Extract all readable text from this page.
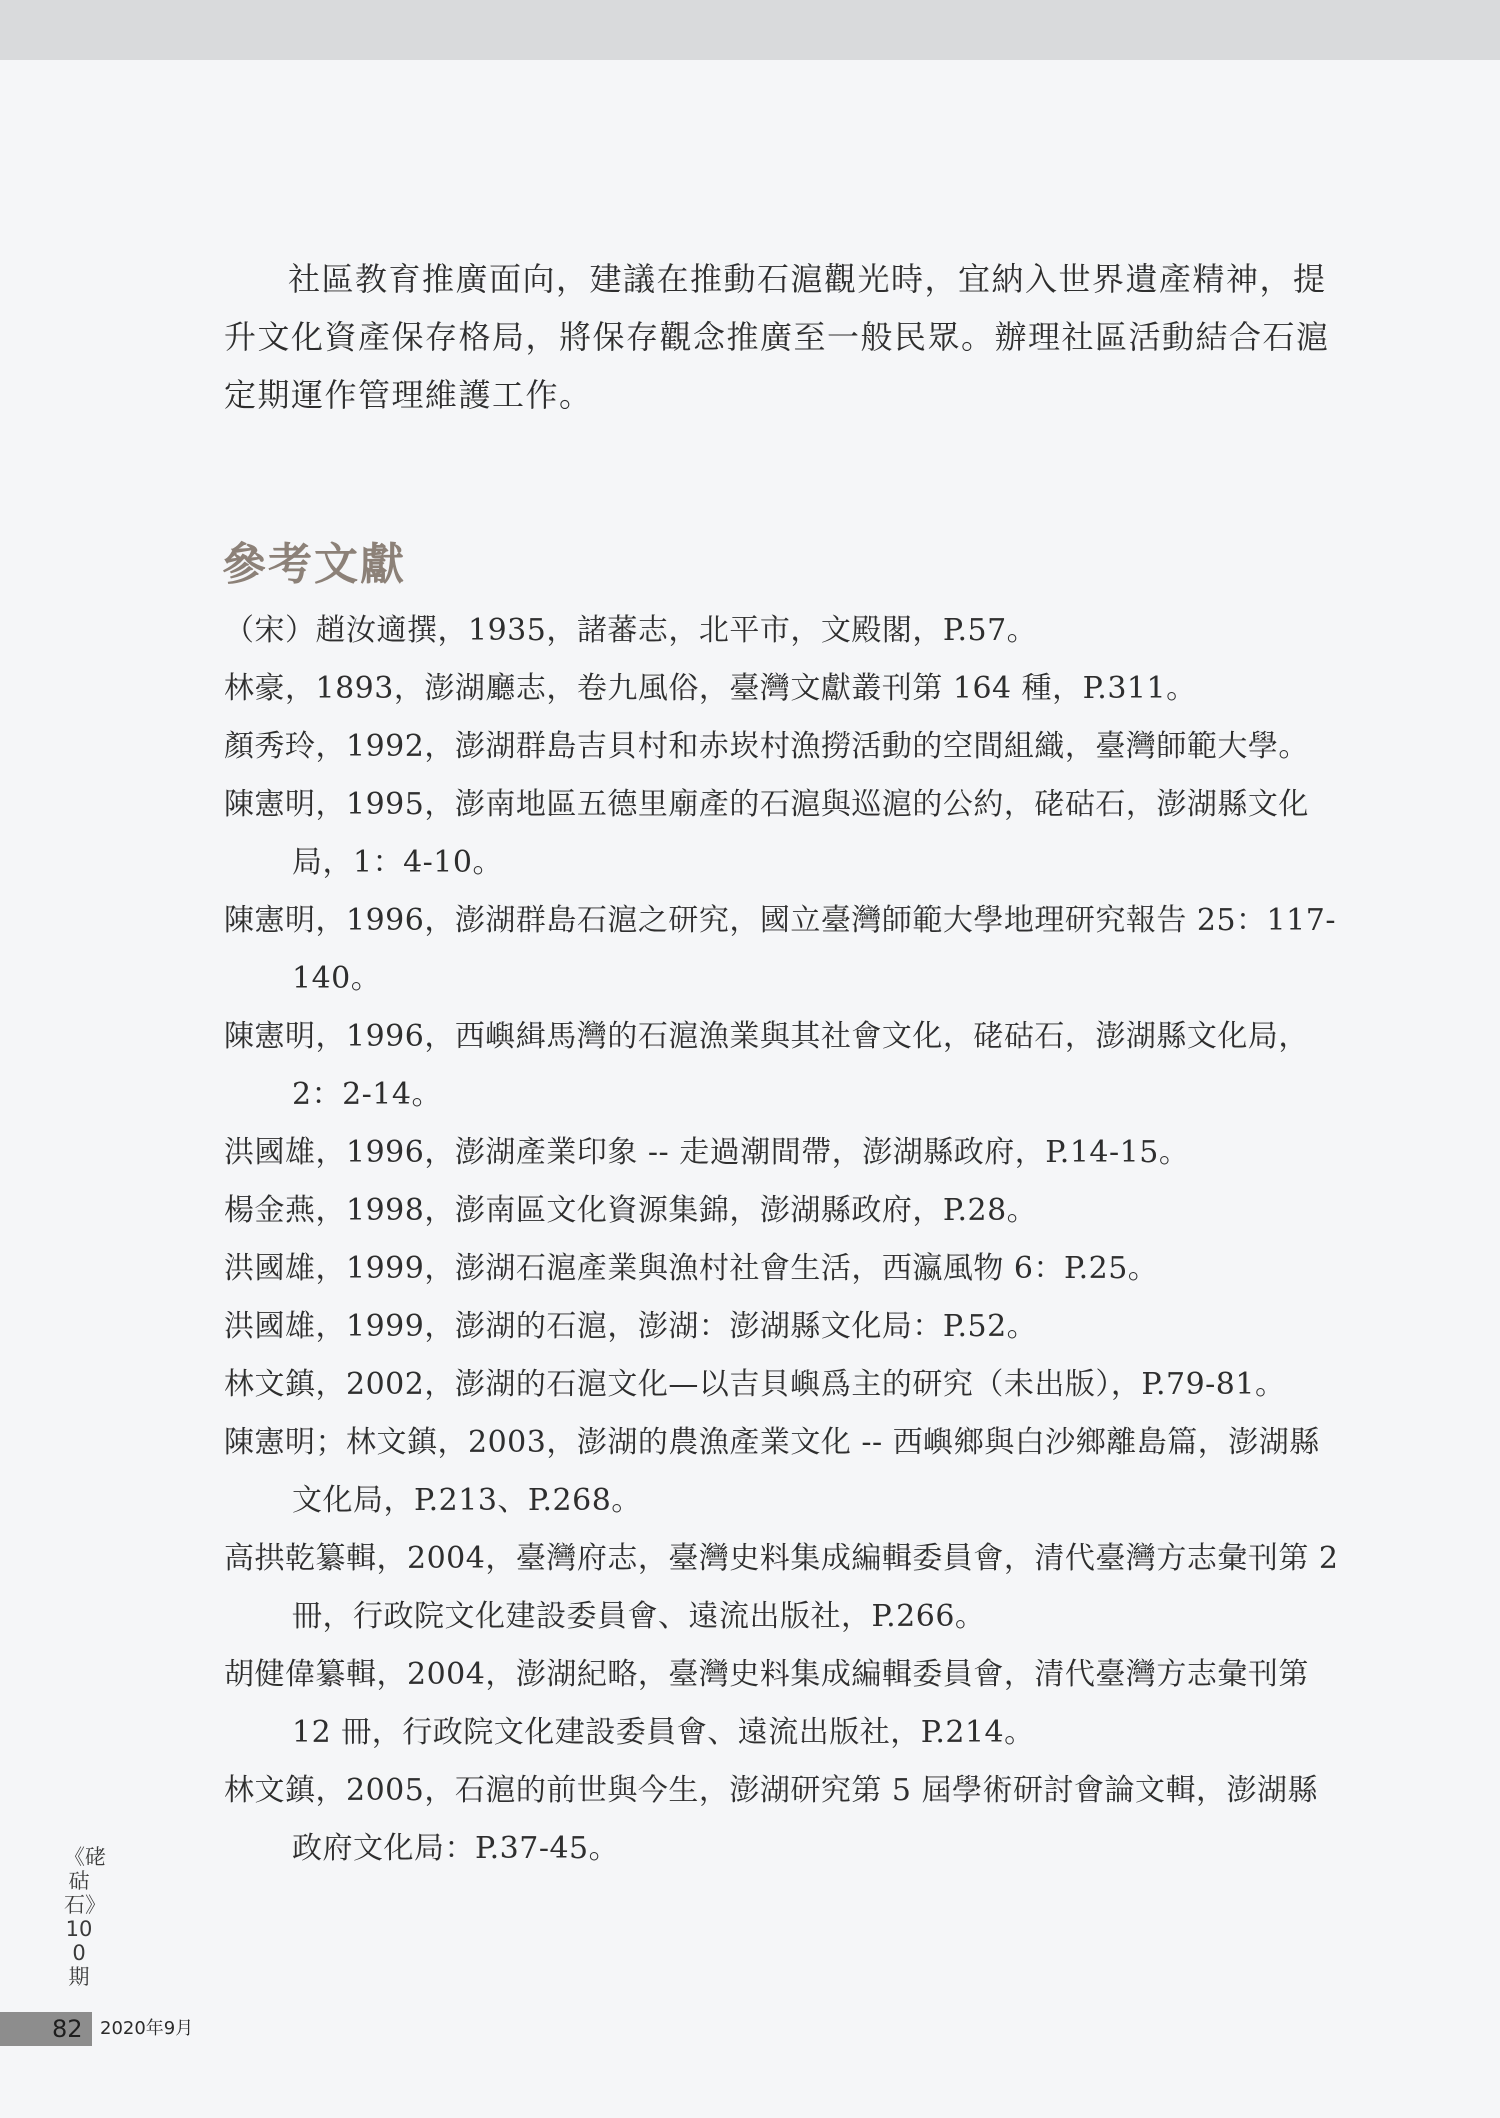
社區教育推廣面向，建議在推動石滬觀光時，宜納入世界遺產精神，提升文化資產保存格局，將保存觀念推廣至一般民眾。辦理社區活動結合石滬定期運作管理維護工作。

參考文獻
（宋）趙汝適撰，1935，諸蕃志，北平市，文殿閣，P.57。
林豪，1893，澎湖廳志，卷九風俗，臺灣文獻叢刊第 164 種，P.311。
顏秀玲，1992，澎湖群島吉貝村和赤崁村漁撈活動的空間組織，臺灣師範大學。
陳憲明，1995，澎南地區五德里廟產的石滬與巡滬的公約，硓𥑮石，澎湖縣文化局，1：4-10。
陳憲明，1996，澎湖群島石滬之研究，國立臺灣師範大學地理研究報告 25：117-140。
陳憲明，1996，西嶼緝馬灣的石滬漁業與其社會文化，硓𥑮石，澎湖縣文化局，2：2-14。
洪國雄，1996，澎湖產業印象 -- 走過潮間帶，澎湖縣政府，P.14-15。
楊金燕，1998，澎南區文化資源集錦，澎湖縣政府，P.28。
洪國雄，1999，澎湖石滬產業與漁村社會生活，西瀛風物 6：P.25。
洪國雄，1999，澎湖的石滬，澎湖：澎湖縣文化局：P.52。
林文鎮，2002，澎湖的石滬文化—以吉貝嶼爲主的研究（未出版），P.79-81。
陳憲明；林文鎮，2003，澎湖的農漁產業文化 -- 西嶼鄉與白沙鄉離島篇，澎湖縣文化局，P.213、P.268。
高拱乾纂輯，2004，臺灣府志，臺灣史料集成編輯委員會，清代臺灣方志彙刊第 2 冊，行政院文化建設委員會、遠流出版社，P.266。
胡健偉纂輯，2004，澎湖紀略，臺灣史料集成編輯委員會，清代臺灣方志彙刊第 12 冊，行政院文化建設委員會、遠流出版社，P.214。
林文鎮，2005，石滬的前世與今生，澎湖研究第 5 屆學術研討會論文輯，澎湖縣政府文化局：P.37-45。
《硓𥑮石》100期
82 2020年9月
